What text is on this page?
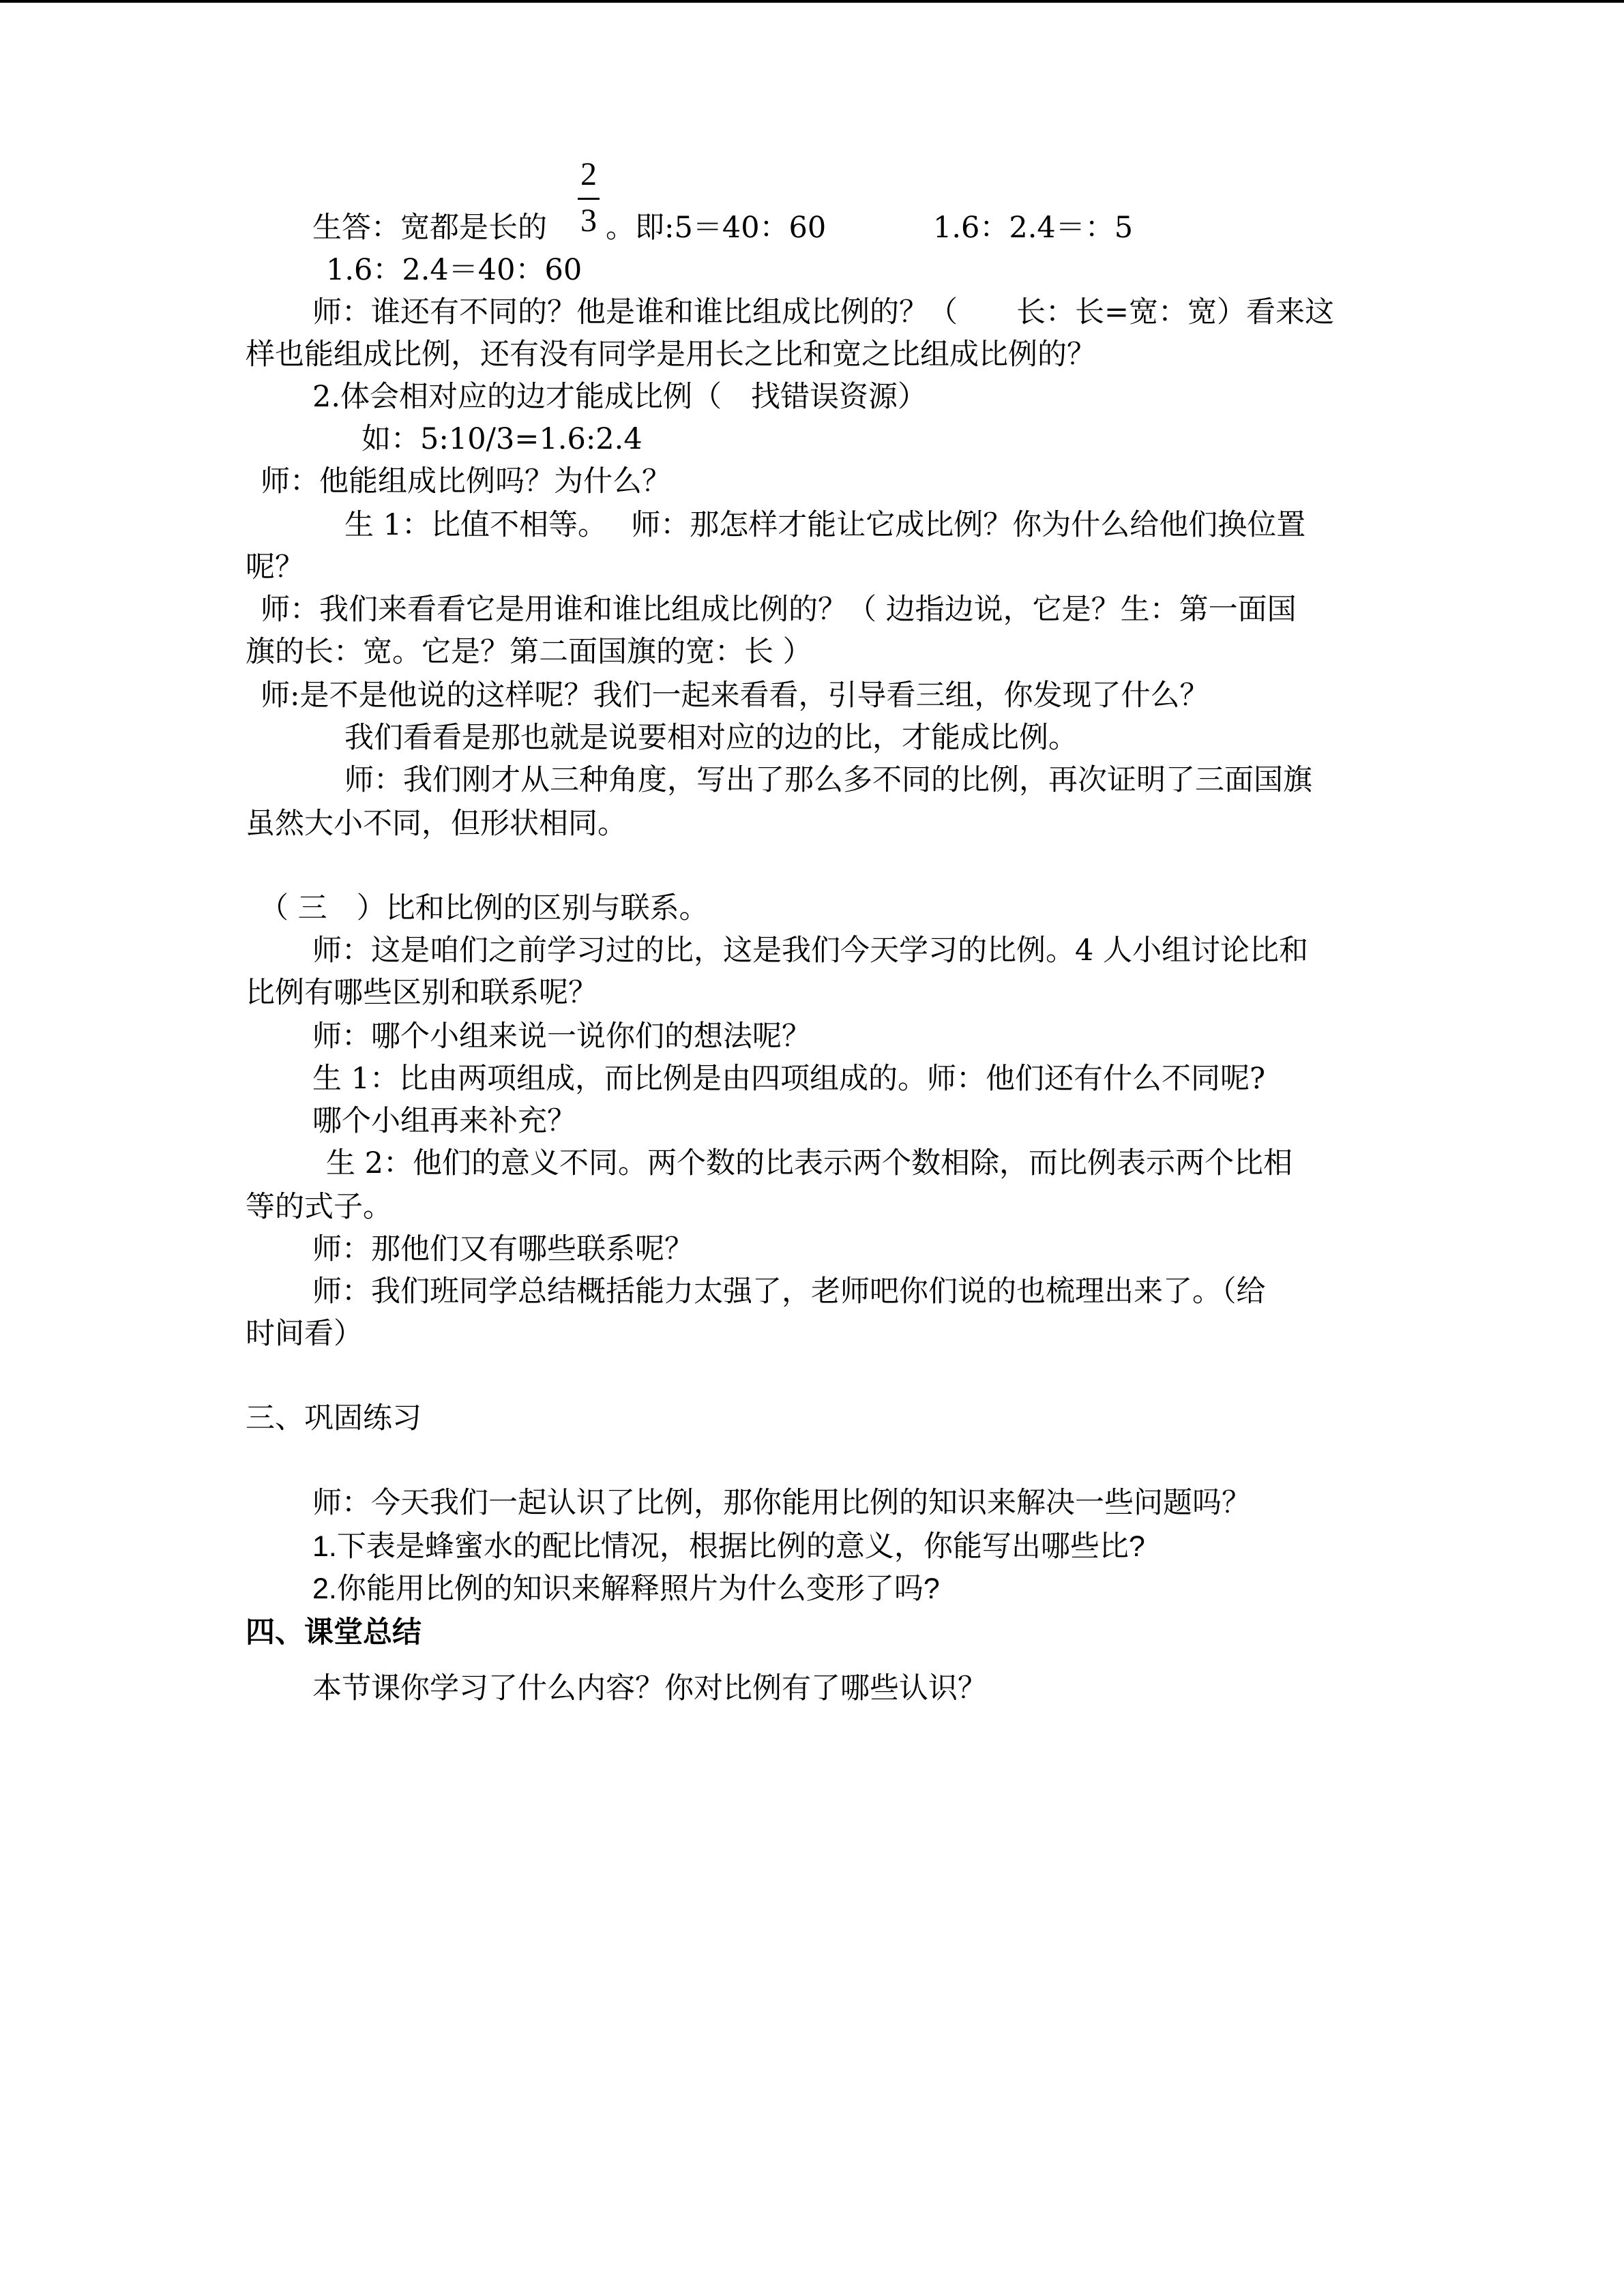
2
3
生答：宽都是长的 。即:5＝40：60	1.6：2.4＝：5
1.6：2.4＝40：60
师：谁还有不同的？他是谁和谁比组成比例的？（　　长：长=宽：宽）看来这
样也能组成比例，还有没有同学是用长之比和宽之比组成比例的？
2.体会相对应的边才能成比例（　找错误资源）
如：5:10/3=1.6:2.4
师：他能组成比例吗？为什么？
生 1：比值不相等。　 师：那怎样才能让它成比例？你为什么给他们换位置
呢？
师：我们来看看它是用谁和谁比组成比例的？（ 边指边说，它是？生：第一面国
旗的长：宽。它是？第二面国旗的宽：长 ）
师:是不是他说的这样呢？我们一起来看看，引导看三组，你发现了什么？
我们看看是那也就是说要相对应的边的比，才能成比例。
师：我们刚才从三种角度，写出了那么多不同的比例，再次证明了三面国旗
虽然大小不同，但形状相同。
（ 三　）比和比例的区别与联系。
师：这是咱们之前学习过的比，这是我们今天学习的比例。4 人小组讨论比和
比例有哪些区别和联系呢？
师：哪个小组来说一说你们的想法呢？
生 1：比由两项组成，而比例是由四项组成的。师：他们还有什么不同呢?
哪个小组再来补充？
生 2：他们的意义不同。两个数的比表示两个数相除，而比例表示两个比相
等的式子。
师：那他们又有哪些联系呢？
师：我们班同学总结概括能力太强了，老师吧你们说的也梳理出来了。（给
时间看）
三、巩固练习
师：今天我们一起认识了比例，那你能用比例的知识来解决一些问题吗？
1.下表是蜂蜜水的配比情况，根据比例的意义，你能写出哪些比?
2.你能用比例的知识来解释照片为什么变形了吗?
四、课堂总结
本节课你学习了什么内容？你对比例有了哪些认识？
